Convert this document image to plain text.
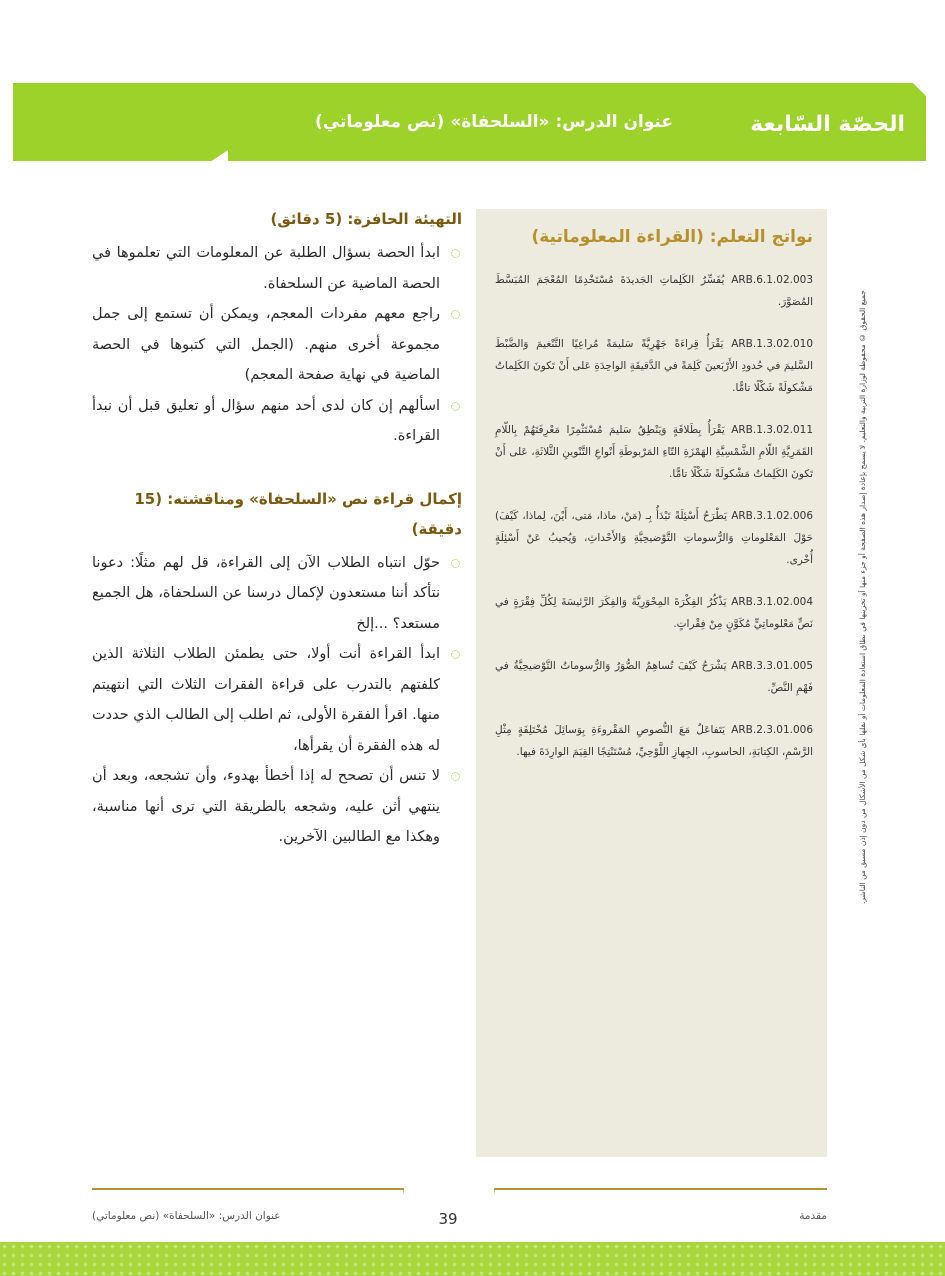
الحصّة السّابعة
عنوان الدرس: «السلحفاة» (نص معلوماتي)
نواتج التعلم: (القراءة المعلوماتية)
ARB.6.1.02.003 يُفَسِّرُ الكَلِماتِ الجَديدَةَ مُسْتَخْدِمًا المُعْجَمَ المُبَسَّطَ المُصَوَّرَ.
ARB.1.3.02.010 يَقْرَأُ قِراءَةً جَهْرِيَّةً سَليمَةً مُراعِيًا التَّنْغيمَ وَالضَّبْطَ السَّليمَ في حُدودِ الأَرْبَعينَ كَلِمَةً في الدَّقيقَةِ الواحِدَةِ عَلى أَنْ تَكونَ الكَلِماتُ مَشْكولَةً شَكْلًا تامًّا.
ARB.1.3.02.011 يَقْرَأُ بِطَلاقَةٍ وَيَنْطِقُ سَليمَ مُسْتَثْمِرًا مَعْرِفَتَهُمْ بِاللّامِ القَمَرِيَّةِ اللّامِ الشَّمْسِيَّةِ الهَمْزَةِ التّاءِ المَرْبوطَةِ أَنْواعِ التَّنْوينِ الثَّلاثَةِ، عَلى أَنْ تَكونَ الكَلِماتُ مَشْكولَةً شَكْلًا تامًّا.
ARB.3.1.02.006 يَطْرَحُ أَسْئِلَةً تَبْدَأُ بِـ (مَنْ، ماذا، مَتى، أَيْنَ، لِماذا، كَيْفَ) حَوْلَ المَعْلوماتِ وَالرُّسوماتِ التَّوْضيحِيَّةِ وَالأَحْداثِ، وَيُجيبُ عَنْ أَسْئِلَةٍ أُخْرى.
ARB.3.1.02.004 يَذْكُرُ الفِكْرَةَ المِحْوَرِيَّةَ وَالفِكَرَ الرَّئيسَةَ لِكُلِّ فِقْرَةٍ في نَصٍّ مَعْلوماتِيٍّ مُكَوَّنٍ مِنْ فِقْراتٍ.
ARB.3.3.01.005 يَشْرَحُ كَيْفَ تُساهِمُ الصُّوَرُ وَالرُّسوماتُ التَّوْضيحِيَّةُ في فَهْمِ النَّصِّ.
ARB.2.3.01.006 يَتَفاعَلُ مَعَ النُّصوصِ المَقْروءَةِ بِوَسائِلَ مُخْتَلِفَةٍ مِثْلِ الرَّسْمِ، الكِتابَةِ، الحاسوبِ، الجِهازِ اللَّوْحِيِّ، مُسْتَنْتِجًا القِيَمَ الوارِدَةَ فيها.
التهيئة الحافزة: (5 دقائق)
ابدأ الحصة بسؤال الطلبة عن المعلومات التي تعلموها في الحصة الماضية عن السلحفاة.
راجع معهم مفردات المعجم، ويمكن أن تستمع إلى جمل مجموعة أخرى منهم. (الجمل التي كتبوها في الحصة الماضية في نهاية صفحة المعجم)
اسألهم إن كان لدى أحد منهم سؤال أو تعليق قبل أن نبدأ القراءة.
إكمال قراءة نص «السلحفاة» ومناقشته: (15 دقيقة)
حوّل انتباه الطلاب الآن إلى القراءة، قل لهم مثلًا: دعونا نتأكد أننا مستعدون لإكمال درسنا عن السلحفاة، هل الجميع مستعد؟ ...إلخ
ابدأ القراءة أنت أولا، حتى يطمئن الطلاب الثلاثة الذين كلفتهم بالتدرب على قراءة الفقرات الثلاث التي انتهيتم منها. اقرأ الفقرة الأولى، ثم اطلب إلى الطالب الذي حددت له هذه الفقرة أن يقرأها،
لا تنس أن تصحح له إذا أخطأ بهدوء، وأن تشجعه، وبعد أن ينتهي أثن عليه، وشجعه بالطريقة التي ترى أنها مناسبة، وهكذا مع الطالبين الآخرين.	جميع الحقوق © محفوظة لوزارة التربية والتعليم. لا يسمح بإعادة إصدار هذه الصفحة أو جزء منها أو تخزينها في نطاق استعادة المعلومات أو نقلها بأي شكل من الأشكال من دون إذن مسبق من الناشر.
39
عنوان الدرس: «السلحفاة» (نص معلوماتي)	مقدمة
